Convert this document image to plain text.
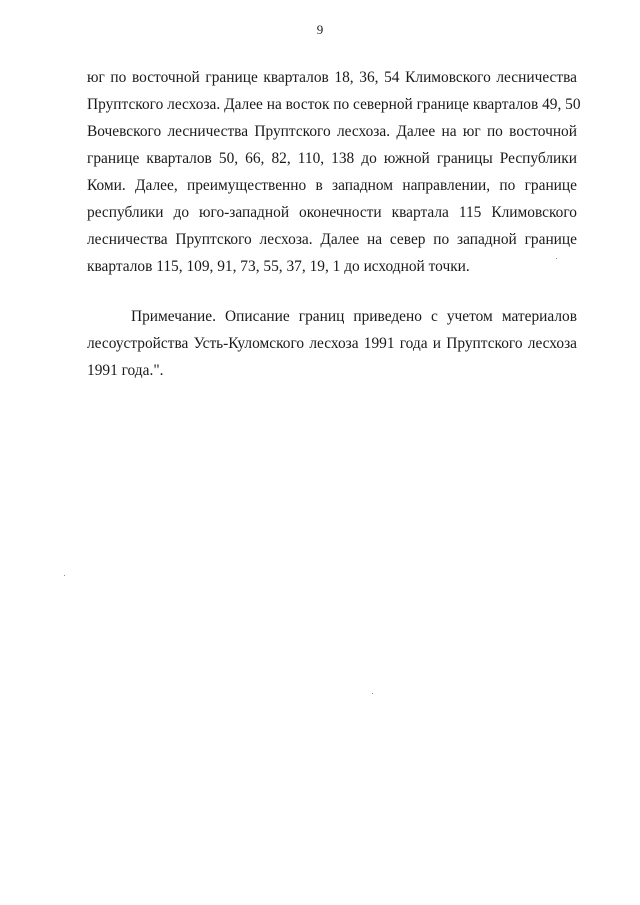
9
юг по восточной границе кварталов 18, 36, 54 Климовского лесничества
Пруптского лесхоза. Далее на восток по северной границе кварталов 49, 50
Вочевского лесничества Пруптского лесхоза. Далее на юг по восточной
границе кварталов 50, 66, 82, 110, 138 до южной границы Республики
Коми. Далее, преимущественно в западном направлении, по границе
республики до юго-западной оконечности квартала 115 Климовского
лесничества Пруптского лесхоза. Далее на север по западной границе
кварталов 115, 109, 91, 73, 55, 37, 19, 1 до исходной точки.
Примечание. Описание границ приведено с учетом материалов
лесоустройства Усть-Куломского лесхоза 1991 года и Пруптского лесхоза
1991 года.".
